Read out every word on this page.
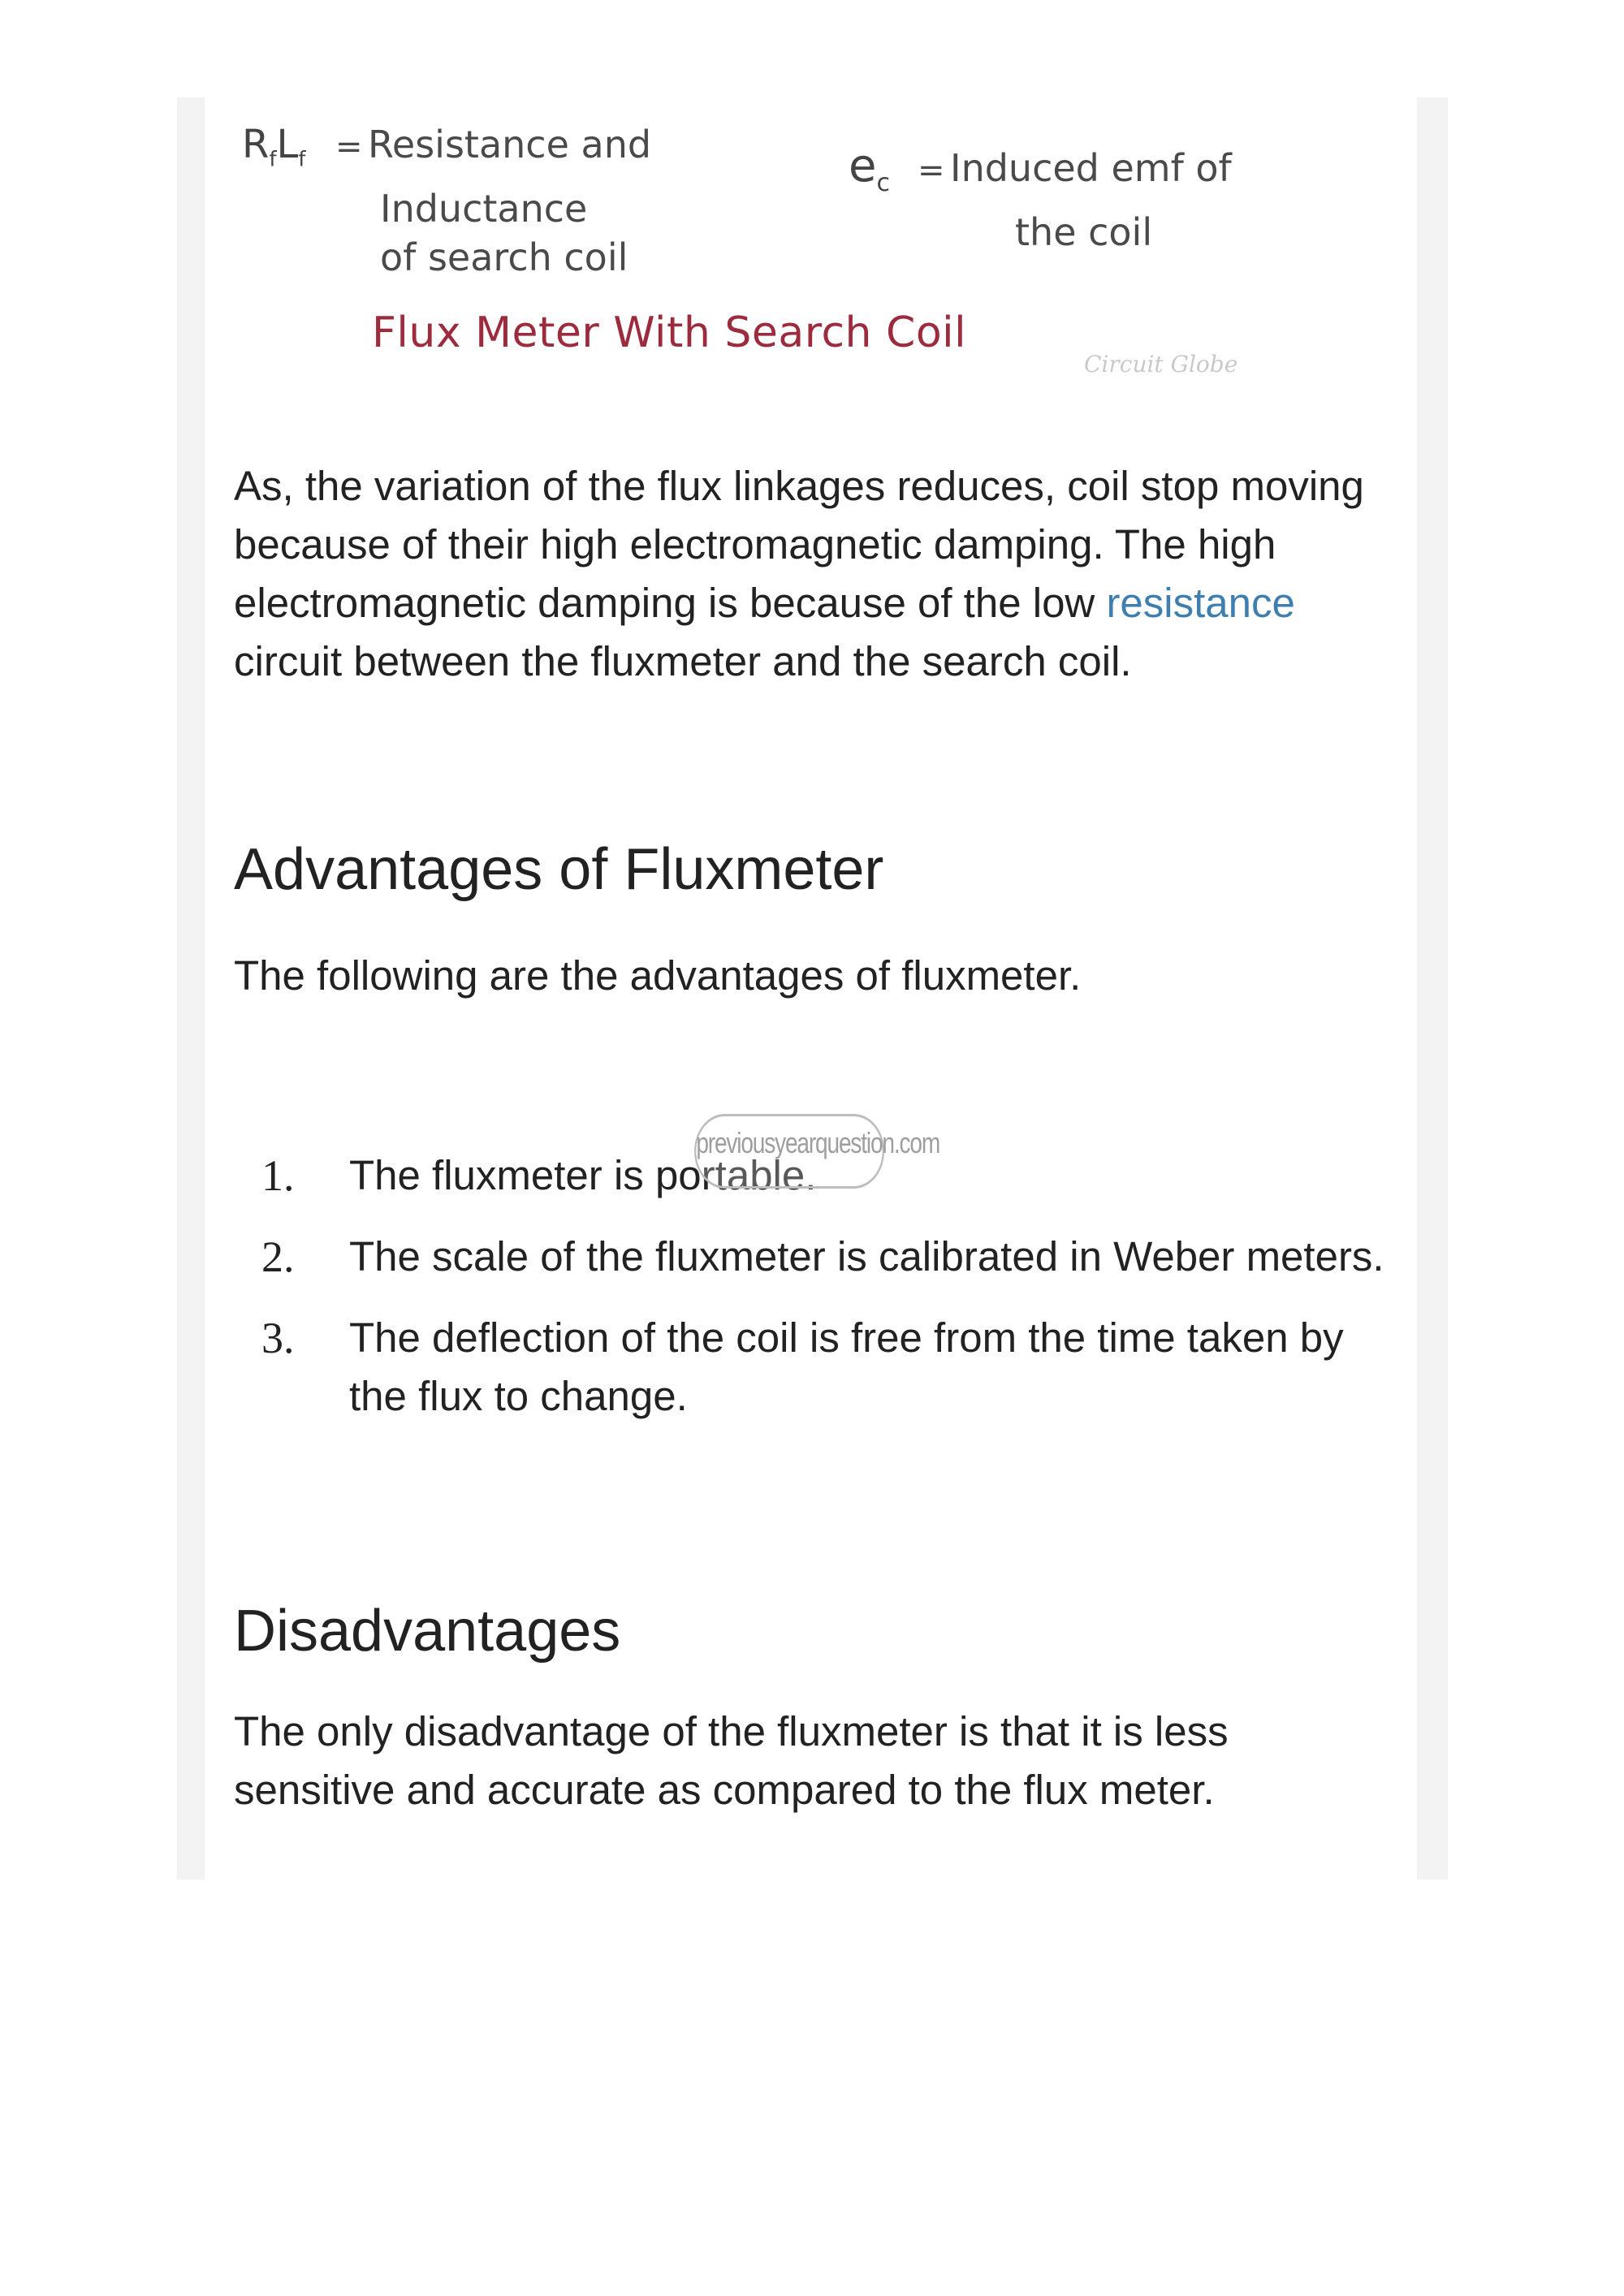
$R_fL_f$ = Resistance and
Inductance
of search coil
$e_c$ = Induced emf of
the coil
Flux Meter With Search Coil
Circuit Globe

As, the variation of the flux linkages reduces, coil stop moving because of their high electromagnetic damping. The high electromagnetic damping is because of the low resistance circuit between the fluxmeter and the search coil.

Advantages of Fluxmeter

The following are the advantages of fluxmeter.

1. The fluxmeter is portable.
2. The scale of the fluxmeter is calibrated in Weber meters.
3. The deflection of the coil is free from the time taken by the flux to change.
previousyearquestion.com
Disadvantages

The only disadvantage of the fluxmeter is that it is less sensitive and accurate as compared to the flux meter.
